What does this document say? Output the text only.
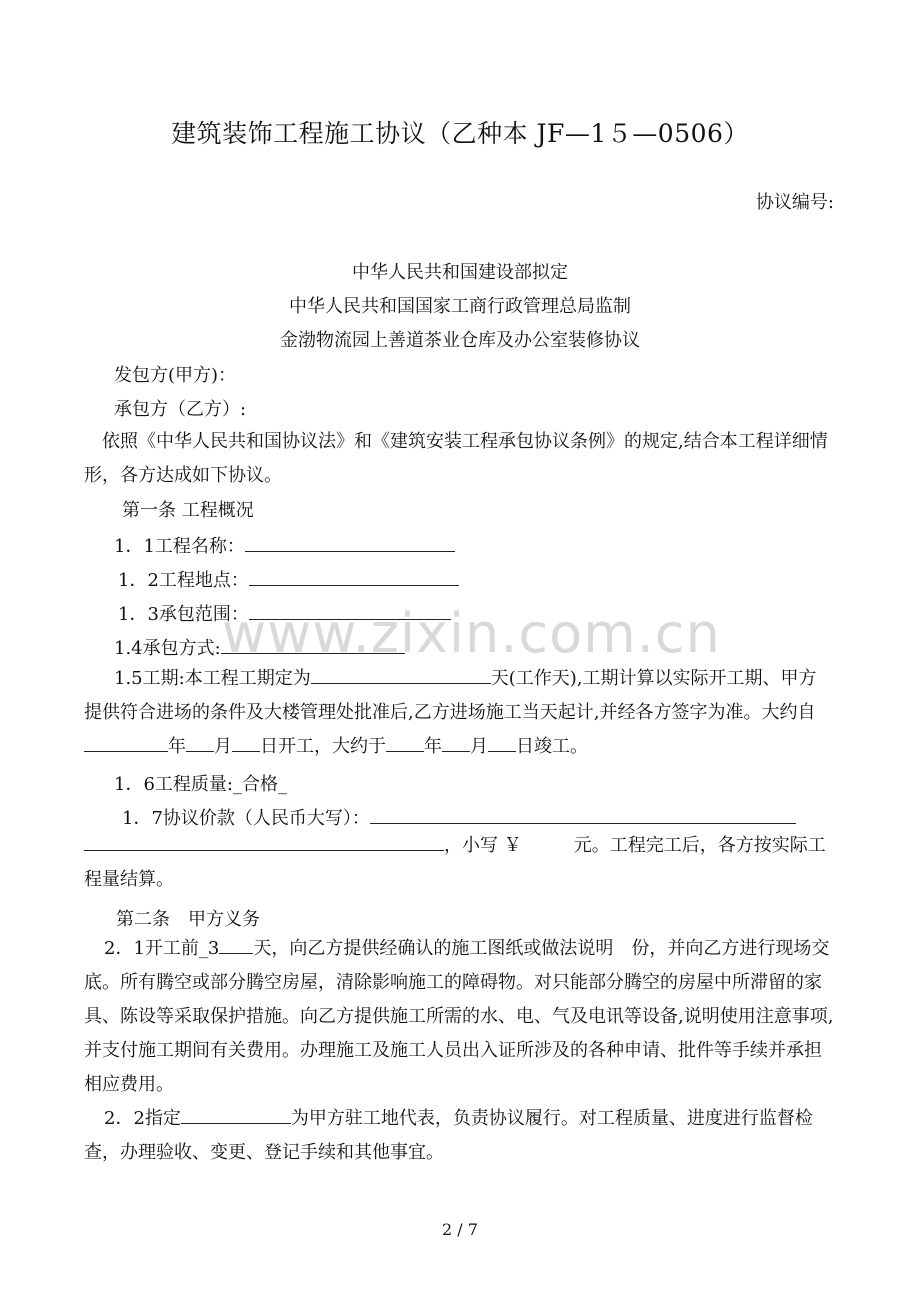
建筑装饰工程施工协议（乙种本 JF—1５—0506）
协议编号:
中华人民共和国建设部拟定
中华人民共和国国家工商行政管理总局监制
金渤物流园上善道茶业仓库及办公室装修协议
发包方(甲方)：
承包方（乙方）:
依照《中华人民共和国协议法》和《建筑安装工程承包协议条例》的规定,结合本工程详细情形，各方达成如下协议。
第一条 工程概况
1．1工程名称：
1．2工程地点：
1．3承包范围：
1.4承包方式:
1.5工期:本工程工期定为	天(工作天),工期计算以实际开工期、甲方提供符合进场的条件及大楼管理处批准后,乙方进场施工当天起计,并经各方签字为准。大约自年 月 日开工，大约于 年 月 日竣工。
1．6工程质量:_合格_
1．7协议价款（人民币大写）：
，小写 ￥	元。工程完工后，各方按实际工程量结算。
第二条　甲方义务
2．1开工前_3 天，向乙方提供经确认的施工图纸或做法说明　份，并向乙方进行现场交底。所有腾空或部分腾空房屋，清除影响施工的障碍物。对只能部分腾空的房屋中所滞留的家具、陈设等采取保护措施。向乙方提供施工所需的水、电、气及电讯等设备,说明使用注意事项,并支付施工期间有关费用。办理施工及施工人员出入证所涉及的各种申请、批件等手续并承担相应费用。
2．2指定	为甲方驻工地代表，负责协议履行。对工程质量、进度进行监督检查，办理验收、变更、登记手续和其他事宜。
www.zixin.com.cn
2 / 7
